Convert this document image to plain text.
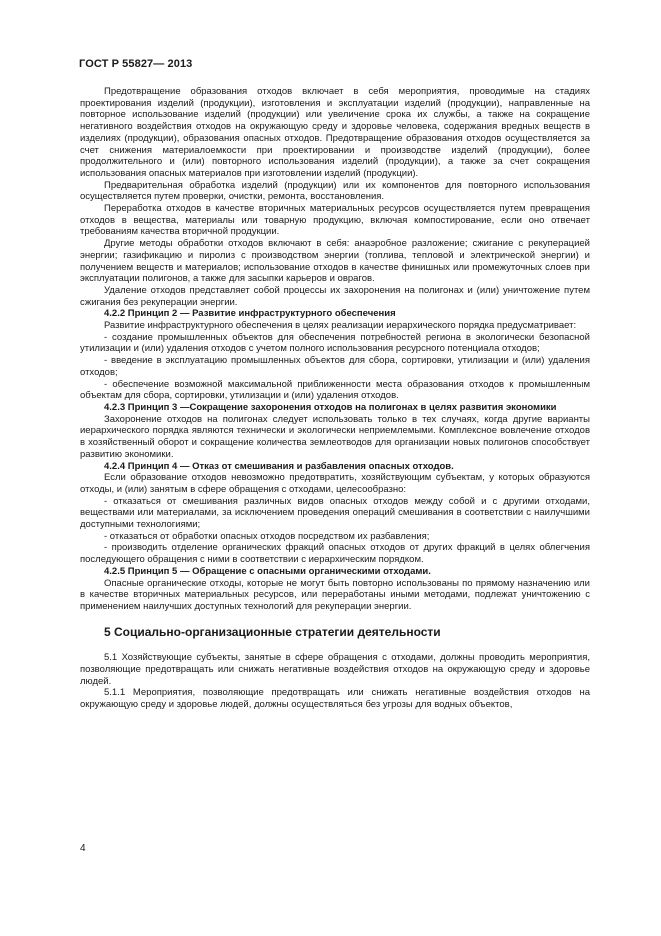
ГОСТ Р 55827— 2013

Предотвращение образования отходов включает в себя мероприятия, проводимые на стадиях проектирования изделий (продукции), изготовления и эксплуатации изделий (продукции), направленные на повторное использование изделий (продукции) или увеличение срока их службы, а также на сокращение негативного воздействия отходов на окружающую среду и здоровье человека, содержания вредных веществ в изделиях (продукции), образования опасных отходов. Предотвращение образования отходов осуществляется за счет снижения материалоемкости при проектировании и производстве изделий (продукции), более продолжительного и (или) повторного использования изделий (продукции), а также за счет сокращения использования опасных материалов при изготовлении изделий (продукции).

Предварительная обработка изделий (продукции) или их компонентов для повторного использования осуществляется путем проверки, очистки, ремонта, восстановления.

Переработка отходов в качестве вторичных материальных ресурсов осуществляется путем превращения отходов в вещества, материалы или товарную продукцию, включая компостирование, если оно отвечает требованиям качества вторичной продукции.

Другие методы обработки отходов включают в себя: анаэробное разложение; сжигание с рекуперацией энергии; газификацию и пиролиз с производством энергии (топлива, тепловой и электрической энергии) и получением веществ и материалов; использование отходов в качестве финишных или промежуточных слоев при эксплуатации полигонов, а также для засыпки карьеров и оврагов.

Удаление отходов представляет собой процессы их захоронения на полигонах и (или) уничтожение путем сжигания без рекуперации энергии.

4.2.2 Принцип 2 — Развитие инфраструктурного обеспечения

Развитие инфраструктурного обеспечения в целях реализации иерархического порядка предусматривает:

- создание промышленных объектов для обеспечения потребностей региона в экологически безопасной утилизации и (или) удаления отходов с учетом полного использования ресурсного потенциала отходов;

- введение в эксплуатацию промышленных объектов для сбора, сортировки, утилизации и (или) удаления отходов;

- обеспечение возможной максимальной приближенности места образования отходов к промышленным объектам для сбора, сортировки, утилизации и (или) удаления отходов.

4.2.3 Принцип 3 —Сокращение захоронения отходов на полигонах в целях развития экономики

Захоронение отходов на полигонах следует использовать только в тех случаях, когда другие варианты иерархического порядка являются технически и экологически неприемлемыми. Комплексное вовлечение отходов в хозяйственный оборот и сокращение количества землеотводов для организации новых полигонов способствует развитию экономики.

4.2.4 Принцип 4 — Отказ от смешивания и разбавления опасных отходов.

Если образование отходов невозможно предотвратить, хозяйствующим субъектам, у которых образуются отходы, и (или) занятым в сфере обращения с отходами, целесообразно:

- отказаться от смешивания различных видов опасных отходов между собой и с другими отходами, веществами или материалами, за исключением проведения операций смешивания в соответствии с наилучшими доступными технологиями;

- отказаться от обработки опасных отходов посредством их разбавления;

- производить отделение органических фракций опасных отходов от других фракций в целях облегчения последующего обращения с ними в соответствии с иерархическим порядком.

4.2.5 Принцип 5 — Обращение с опасными органическими отходами.

Опасные органические отходы, которые не могут быть повторно использованы по прямому назначению или в качестве вторичных материальных ресурсов, или переработаны иными методами, подлежат уничтожению с применением наилучших доступных технологий для рекуперации энергии.

5 Социально-организационные стратегии деятельности

5.1 Хозяйствующие субъекты, занятые в сфере обращения с отходами, должны проводить мероприятия, позволяющие предотвращать или снижать негативные воздействия отходов на окружающую среду и здоровье людей.

5.1.1 Мероприятия, позволяющие предотвращать или снижать негативные воздействия отходов на окружающую среду и здоровье людей, должны осуществляться без угрозы для водных объектов,

4
